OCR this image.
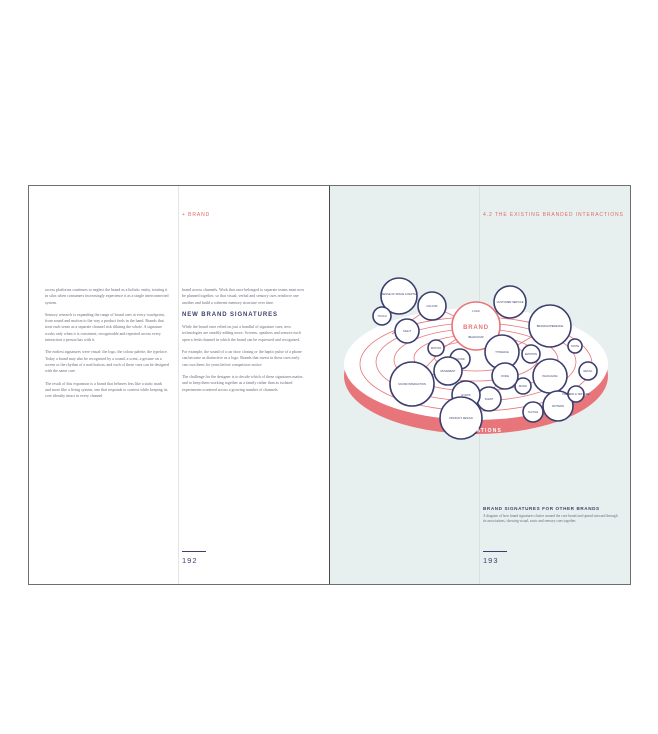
+ BRAND

across platforms continues to neglect the brand as a holistic entity, treating it in silos when consumers increasingly experience it as a single interconnected system.

Sensory research is expanding the range of brand cues at every touchpoint, from sound and motion to the way a product feels in the hand. Brands that treat each sense as a separate channel risk diluting the whole. A signature works only when it is consistent, recognisable and repeated across every interaction a person has with it.

The earliest signatures were visual: the logo, the colour palette, the typeface. Today a brand may also be recognised by a sound, a scent, a gesture on a screen or the rhythm of a notification, and each of these cues can be designed with the same care.

The result of this expansion is a brand that behaves less like a static mark and more like a living system, one that responds to context while keeping its core identity intact in every channel.

brand across channels. Work that once belonged to separate teams must now be planned together, so that visual, verbal and sensory cues reinforce one another and build a coherent memory structure over time.

NEW BRAND SIGNATURES

While the brand once relied on just a handful of signature cues, new technologies are steadily adding more. Screens, speakers and sensors each open a fresh channel in which the brand can be expressed and recognised.

For example, the sound of a car door closing or the haptic pulse of a phone can become as distinctive as a logo. Brands that invest in these cues early can own them for years before competitors notice.

The challenge for the designer is to decide which of these signatures matter, and to keep them working together as a family rather than as isolated experiments scattered across a growing number of channels.

192
4.2 THE EXISTING BRANDED INTERACTIONS
SENSE OF SPACE & DEPTH
TOUCH
SIGHT
COLOUR
MOTION
CUSTOMER SERVICE
BRAND EXPERIENCE
SOUND
TYPEFACE
EMOTION
PACKAGING
MUSIC
PATTERN
VOICE
SCENT
ETHOS
SOUND INTERACTION
MOVEMENT
PRODUCT DESIGN
TACTILE
RETAIL
TASTE
PATTERN & TEXTURE
BEHAVIOUR
LOGO
BRAND
ASSOCIATIONS
BRAND SIGNATURES FOR OTHER BRANDS
A diagram of how brand signatures cluster around the core brand and spread outward through its associations, showing visual, sonic and sensory cues together.
193
